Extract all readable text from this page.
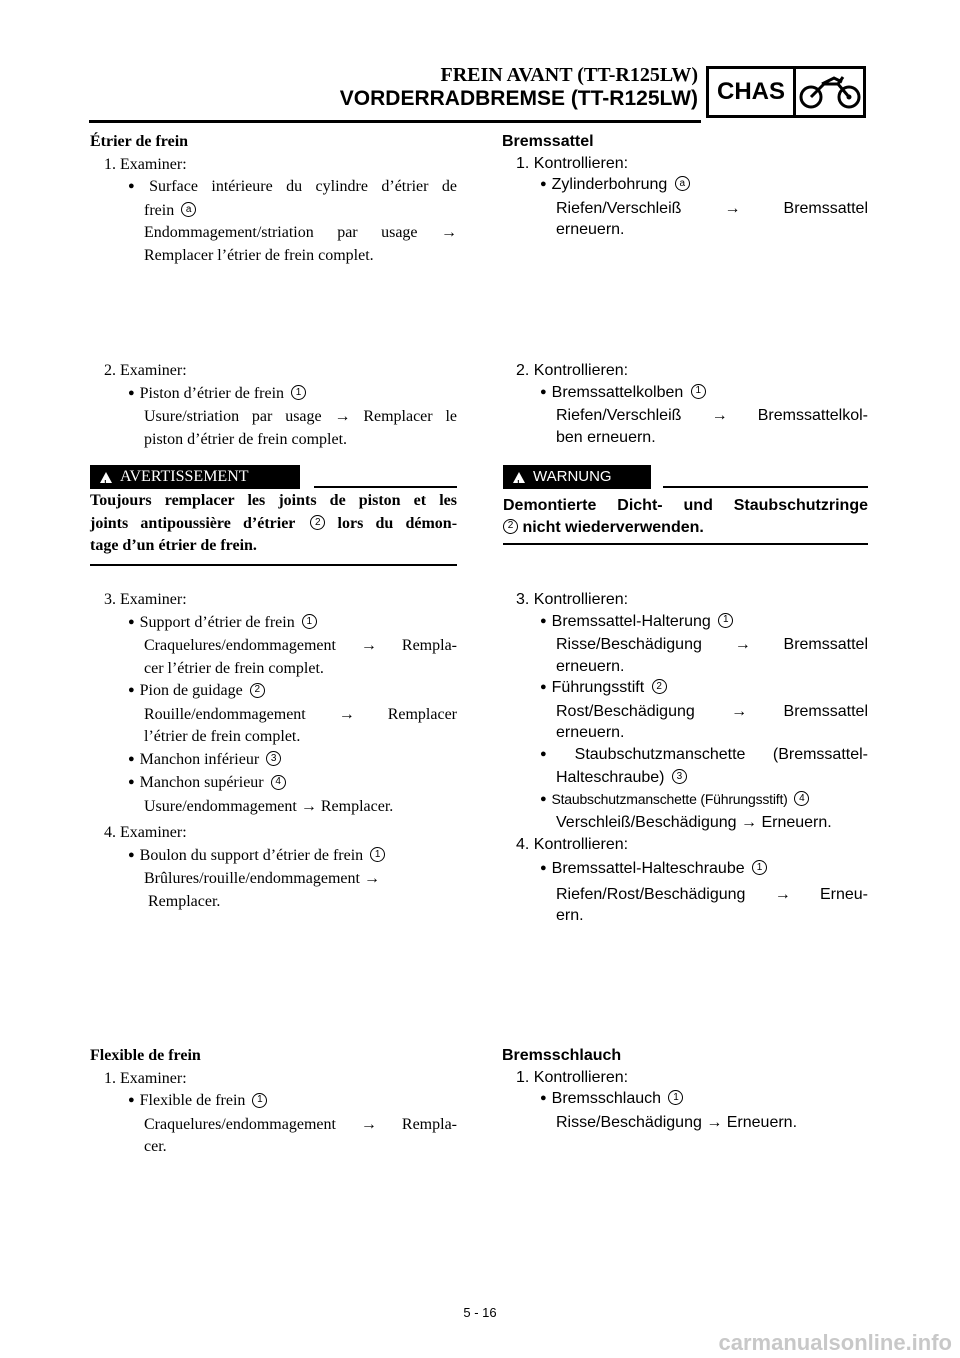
FREIN AVANT (TT-R125LW)
VORDERRADBREMSE (TT-R125LW) CHAS
Étrier de frein
1. Examiner:
● Surface intérieure du cylindre d’étrier de
frein a
Endommagement/striation par usage →
Remplacer l’étrier de frein complet.
2. Examiner:
● Piston d’étrier de frein 1
Usure/striation par usage → Remplacer le
piston d’étrier de frein complet.
!
AVERTISSEMENT
Toujours remplacer les joints de piston et les
joints antipoussière d’étrier 2 lors du démon-
tage d’un étrier de frein.
3. Examiner:
● Support d’étrier de frein 1
Craquelures/endommagement → Rempla-
cer l’étrier de frein complet.
● Pion de guidage 2
Rouille/endommagement → Remplacer
l’étrier de frein complet.
● Manchon inférieur 3
● Manchon supérieur 4
Usure/endommagement → Remplacer.
4. Examiner:
● Boulon du support d’étrier de frein 1
Brûlures/rouille/endommagement →
Remplacer.
Flexible de frein
1. Examiner:
● Flexible de frein 1
Craquelures/endommagement → Rempla-
cer.
Bremssattel
1. Kontrollieren:
● Zylinderbohrung a
Riefen/Verschleiß → Bremssattel
erneuern.
2. Kontrollieren:
● Bremssattelkolben 1
Riefen/Verschleiß → Bremssattelkol-
ben erneuern.
!
WARNUNG
Demontierte Dicht- und Staubschutzringe
2 nicht wiederverwenden.
3. Kontrollieren:
● Bremssattel-Halterung 1
Risse/Beschädigung → Bremssattel
erneuern.
● Führungsstift 2
Rost/Beschädigung → Bremssattel
erneuern.
● Staubschutzmanschette (Bremssattel-
Halteschraube) 3
● Staubschutzmanschette (Führungsstift) 4
Verschleiß/Beschädigung → Erneuern.
4. Kontrollieren:
● Bremssattel-Halteschraube 1
Riefen/Rost/Beschädigung → Erneu-
ern.
Bremsschlauch
1. Kontrollieren:
● Bremsschlauch 1
Risse/Beschädigung → Erneuern.
5 - 16
carmanualsonline.info
